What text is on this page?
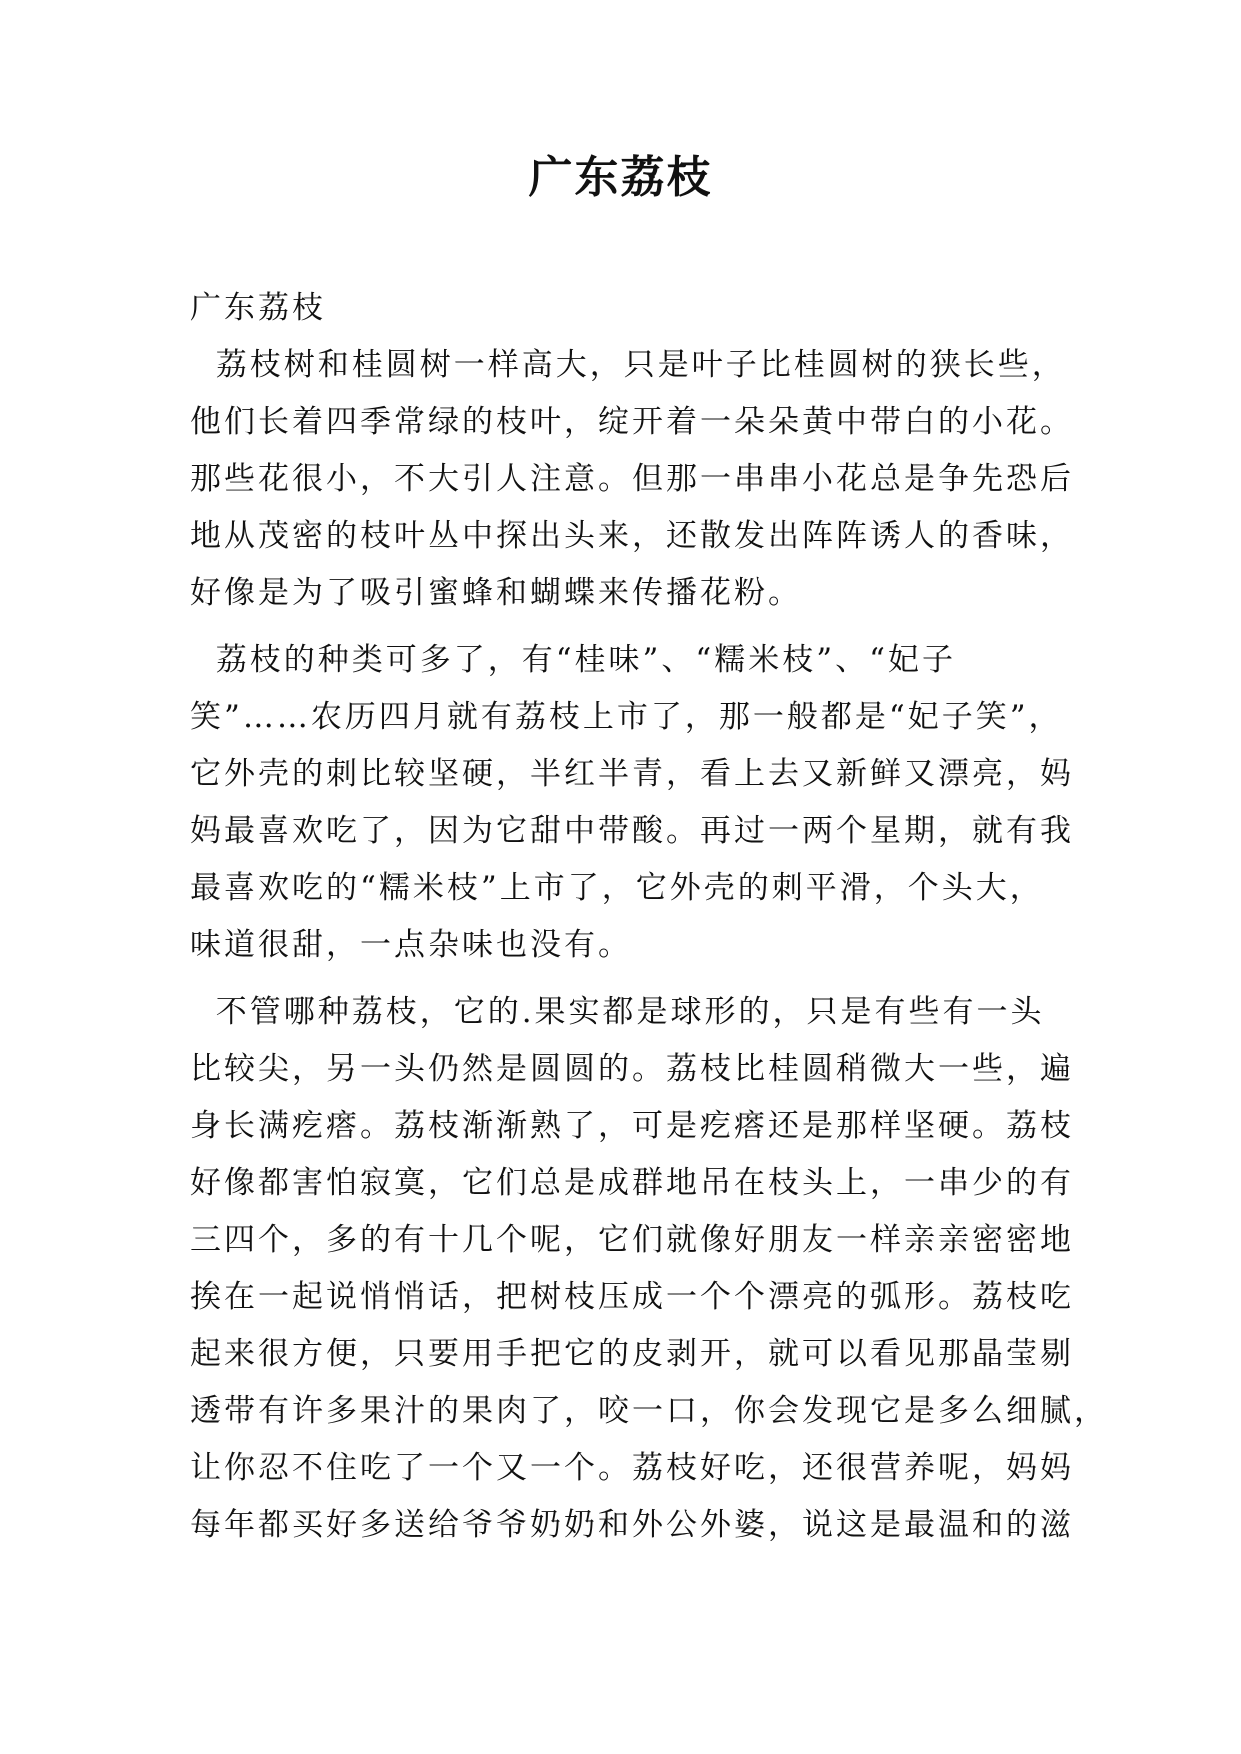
广东荔枝
广东荔枝
荔枝树和桂圆树一样高大，只是叶子比桂圆树的狭长些，
他们长着四季常绿的枝叶，绽开着一朵朵黄中带白的小花。
那些花很小，不大引人注意。但那一串串小花总是争先恐后
地从茂密的枝叶丛中探出头来，还散发出阵阵诱人的香味，
好像是为了吸引蜜蜂和蝴蝶来传播花粉。
荔枝的种类可多了，有“桂味”、“糯米枝”、“妃子
笑”……农历四月就有荔枝上市了，那一般都是“妃子笑”，
它外壳的刺比较坚硬，半红半青，看上去又新鲜又漂亮，妈
妈最喜欢吃了，因为它甜中带酸。再过一两个星期，就有我
最喜欢吃的“糯米枝”上市了，它外壳的刺平滑，个头大，
味道很甜，一点杂味也没有。
不管哪种荔枝，它的.果实都是球形的，只是有些有一头
比较尖，另一头仍然是圆圆的。荔枝比桂圆稍微大一些，遍
身长满疙瘩。荔枝渐渐熟了，可是疙瘩还是那样坚硬。荔枝
好像都害怕寂寞，它们总是成群地吊在枝头上，一串少的有
三四个，多的有十几个呢，它们就像好朋友一样亲亲密密地
挨在一起说悄悄话，把树枝压成一个个漂亮的弧形。荔枝吃
起来很方便，只要用手把它的皮剥开，就可以看见那晶莹剔
透带有许多果汁的果肉了，咬一口，你会发现它是多么细腻，
让你忍不住吃了一个又一个。荔枝好吃，还很营养呢，妈妈
每年都买好多送给爷爷奶奶和外公外婆，说这是最温和的滋
